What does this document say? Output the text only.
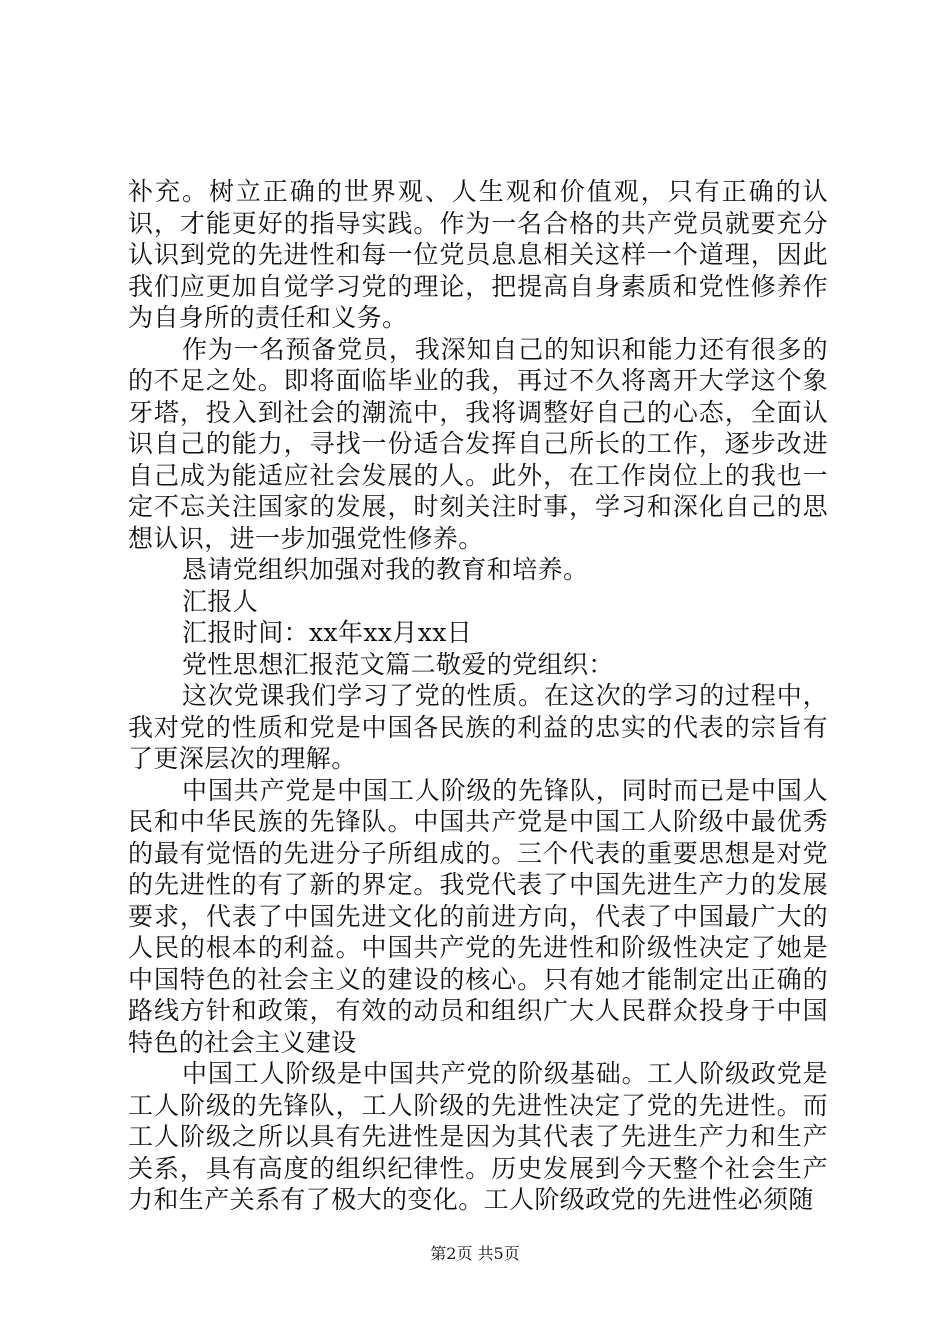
补充。树立正确的世界观、人生观和价值观，只有正确的认识，才能更好的指导实践。作为一名合格的共产党员就要充分认识到党的先进性和每一位党员息息相关这样一个道理，因此我们应更加自觉学习党的理论，把提高自身素质和党性修养作为自身所的责任和义务。

作为一名预备党员，我深知自己的知识和能力还有很多的的不足之处。即将面临毕业的我，再过不久将离开大学这个象牙塔，投入到社会的潮流中，我将调整好自己的心态，全面认识自己的能力，寻找一份适合发挥自己所长的工作，逐步改进自己成为能适应社会发展的人。此外，在工作岗位上的我也一定不忘关注国家的发展，时刻关注时事，学习和深化自己的思想认识，进一步加强党性修养。

恳请党组织加强对我的教育和培养。

汇报人

汇报时间：xx年xx月xx日

党性思想汇报范文篇二敬爱的党组织：

这次党课我们学习了党的性质。在这次的学习的过程中，我对党的性质和党是中国各民族的利益的忠实的代表的宗旨有了更深层次的理解。

中国共产党是中国工人阶级的先锋队，同时而已是中国人民和中华民族的先锋队。中国共产党是中国工人阶级中最优秀的最有觉悟的先进分子所组成的。三个代表的重要思想是对党的先进性的有了新的界定。我党代表了中国先进生产力的发展要求，代表了中国先进文化的前进方向，代表了中国最广大的人民的根本的利益。中国共产党的先进性和阶级性决定了她是中国特色的社会主义的建设的核心。只有她才能制定出正确的路线方针和政策，有效的动员和组织广大人民群众投身于中国特色的社会主义建设

中国工人阶级是中国共产党的阶级基础。工人阶级政党是工人阶级的先锋队，工人阶级的先进性决定了党的先进性。而工人阶级之所以具有先进性是因为其代表了先进生产力和生产关系，具有高度的组织纪律性。历史发展到今天整个社会生产力和生产关系有了极大的变化。工人阶级政党的先进性必须随

第2页 共5页
